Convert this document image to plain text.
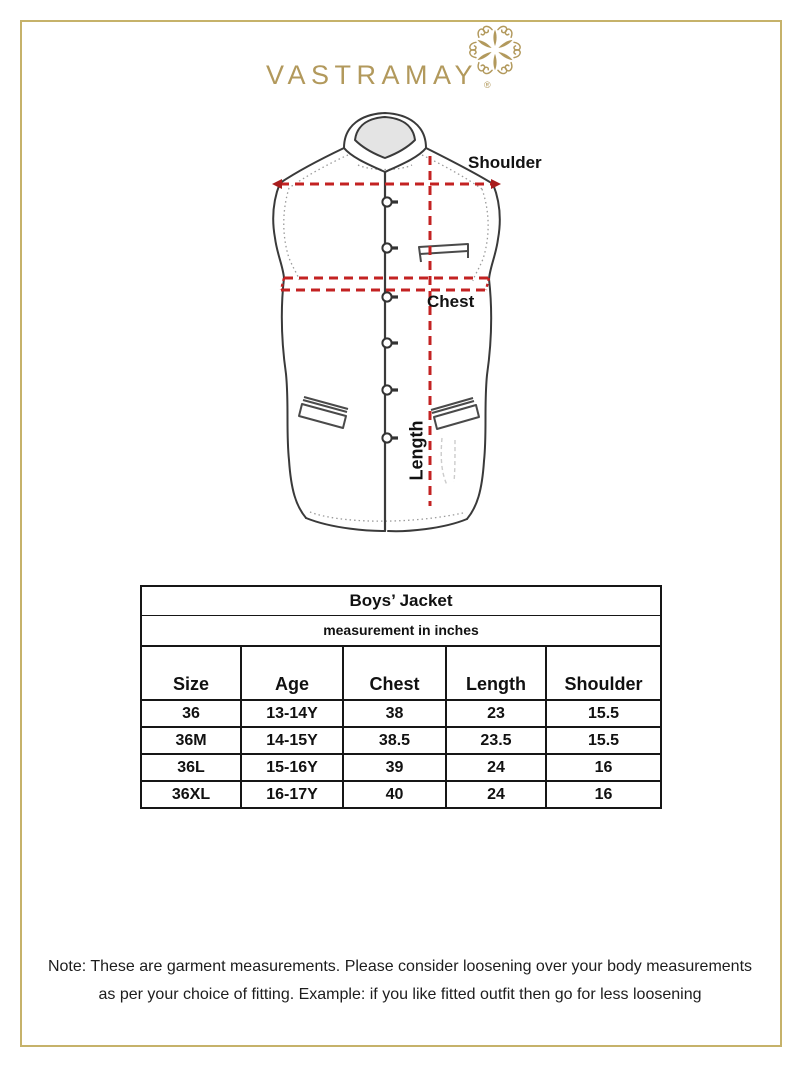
VASTRAMAY ®
Shoulder
Chest
Length
Boys’ Jacket				
measurement in inches				
Size	Age	Chest	Length	Shoulder
36	13-14Y	38	23	15.5
36M	14-15Y	38.5	23.5	15.5
36L	15-16Y	39	24	16
36XL	16-17Y	40	24	16
Note: These are garment measurements. Please consider loosening over your body measurements
as per your choice of fitting. Example: if you like fitted outfit then go for less loosening
